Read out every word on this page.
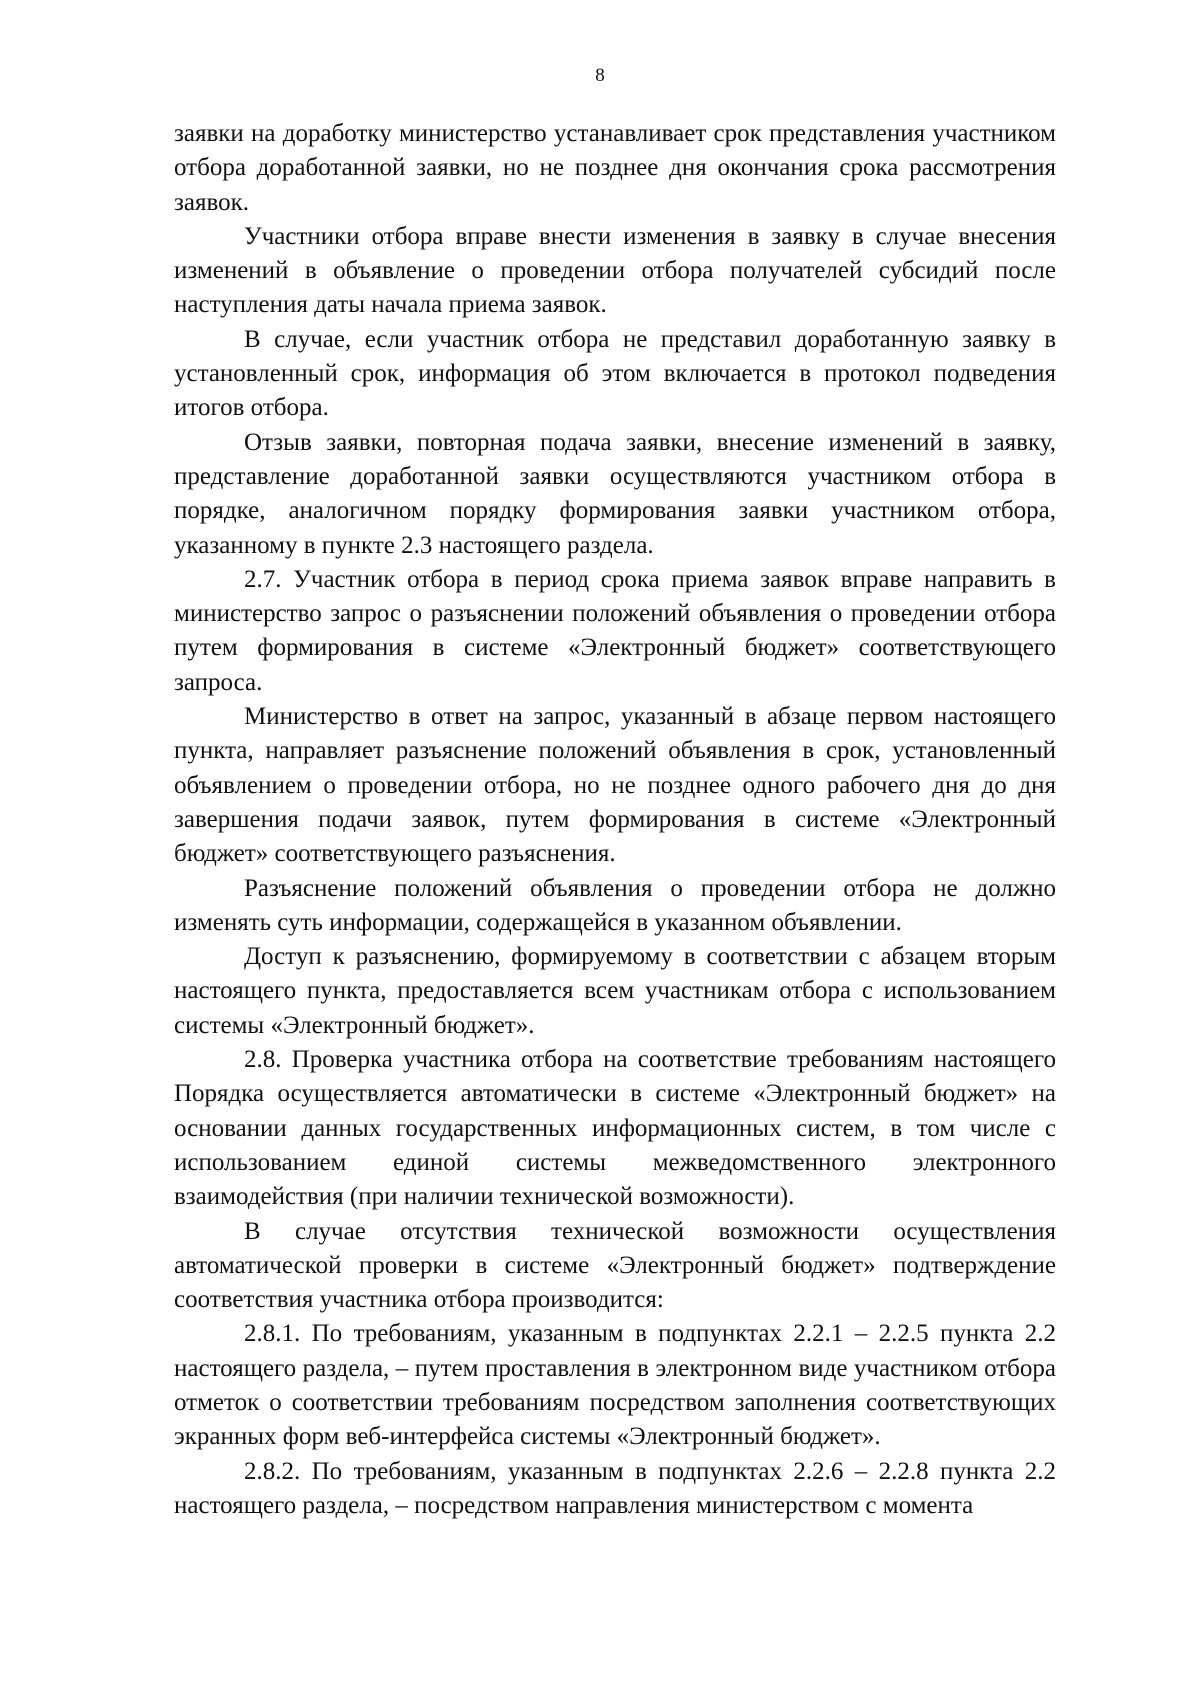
8

заявки на доработку министерство устанавливает срок представления участником отбора доработанной заявки, но не позднее дня окончания срока рассмотрения заявок.

Участники отбора вправе внести изменения в заявку в случае внесения изменений в объявление о проведении отбора получателей субсидий после наступления даты начала приема заявок.

В случае, если участник отбора не представил доработанную заявку в установленный срок, информация об этом включается в протокол подведения итогов отбора.

Отзыв заявки, повторная подача заявки, внесение изменений в заявку, представление доработанной заявки осуществляются участником отбора в порядке, аналогичном порядку формирования заявки участником отбора, указанному в пункте 2.3 настоящего раздела.

2.7. Участник отбора в период срока приема заявок вправе направить в министерство запрос о разъяснении положений объявления о проведении отбора путем формирования в системе «Электронный бюджет» соответствующего запроса.

Министерство в ответ на запрос, указанный в абзаце первом настоящего пункта, направляет разъяснение положений объявления в срок, установленный объявлением о проведении отбора, но не позднее одного рабочего дня до дня завершения подачи заявок, путем формирования в системе «Электронный бюджет» соответствующего разъяснения.

Разъяснение положений объявления о проведении отбора не должно изменять суть информации, содержащейся в указанном объявлении.

Доступ к разъяснению, формируемому в соответствии с абзацем вторым настоящего пункта, предоставляется всем участникам отбора с использованием системы «Электронный бюджет».

2.8. Проверка участника отбора на соответствие требованиям настоящего Порядка осуществляется автоматически в системе «Электронный бюджет» на основании данных государственных информационных систем, в том числе с использованием единой системы межведомственного электронного взаимодействия (при наличии технической возможности).

В случае отсутствия технической возможности осуществления автоматической проверки в системе «Электронный бюджет» подтверждение соответствия участника отбора производится:

2.8.1. По требованиям, указанным в подпунктах 2.2.1 – 2.2.5 пункта 2.2 настоящего раздела, – путем проставления в электронном виде участником отбора отметок о соответствии требованиям посредством заполнения соответствующих экранных форм веб-интерфейса системы «Электронный бюджет».

2.8.2. По требованиям, указанным в подпунктах 2.2.6 – 2.2.8 пункта 2.2 настоящего раздела, – посредством направления министерством с момента
